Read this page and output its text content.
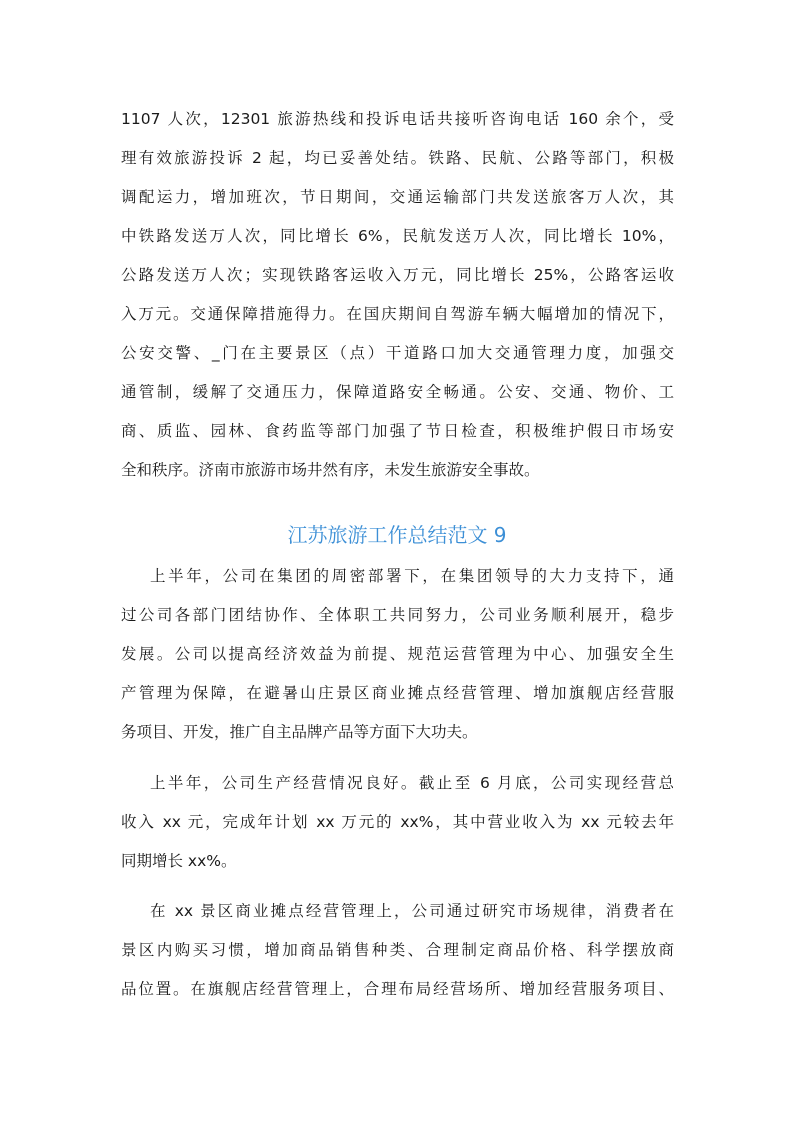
1107 人次，12301 旅游热线和投诉电话共接听咨询电话 160 余个，受
理有效旅游投诉 2 起，均已妥善处结。铁路、民航、公路等部门，积极
调配运力，增加班次，节日期间，交通运输部门共发送旅客万人次，其
中铁路发送万人次，同比增长 6%，民航发送万人次，同比增长 10%，
公路发送万人次；实现铁路客运收入万元，同比增长 25%，公路客运收
入万元。交通保障措施得力。在国庆期间自驾游车辆大幅增加的情况下，
公安交警、_门在主要景区（点）干道路口加大交通管理力度，加强交
通管制，缓解了交通压力，保障道路安全畅通。公安、交通、物价、工
商、质监、园林、食药监等部门加强了节日检查，积极维护假日市场安
全和秩序。济南市旅游市场井然有序，未发生旅游安全事故。
江苏旅游工作总结范文 9
上半年，公司在集团的周密部署下，在集团领导的大力支持下，通
过公司各部门团结协作、全体职工共同努力，公司业务顺利展开，稳步
发展。公司以提高经济效益为前提、规范运营管理为中心、加强安全生
产管理为保障，在避暑山庄景区商业摊点经营管理、增加旗舰店经营服
务项目、开发，推广自主品牌产品等方面下大功夫。
上半年，公司生产经营情况良好。截止至 6 月底，公司实现经营总
收入 xx 元，完成年计划 xx 万元的 xx%，其中营业收入为 xx 元较去年
同期增长 xx%。
在 xx 景区商业摊点经营管理上，公司通过研究市场规律，消费者在
景区内购买习惯，增加商品销售种类、合理制定商品价格、科学摆放商
品位置。在旗舰店经营管理上，合理布局经营场所、增加经营服务项目、
